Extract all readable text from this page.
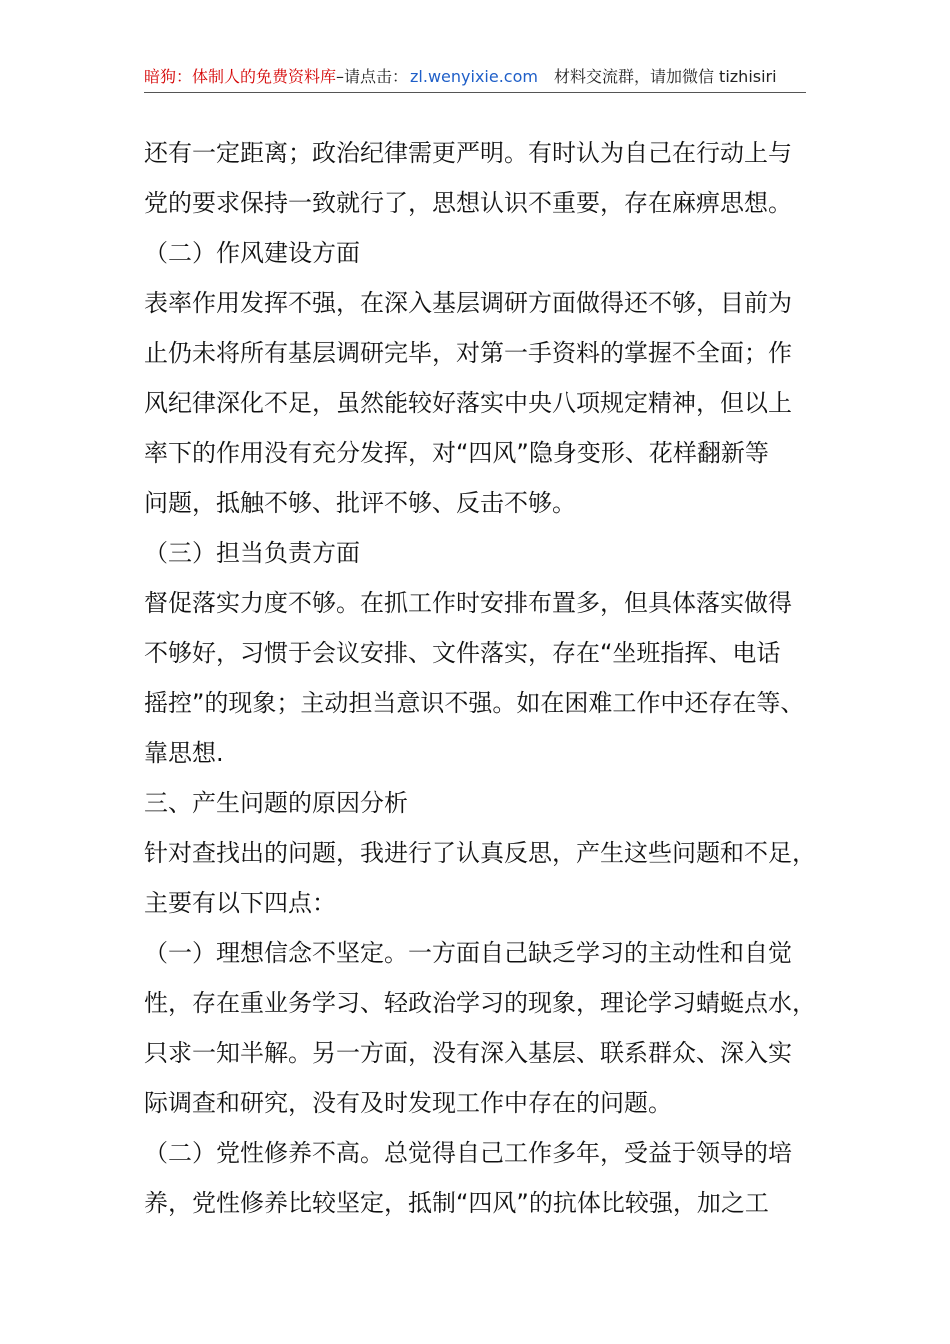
暗狗：体制人的免费资料库–请点击： zl.wenyixie.com 材料交流群，请加微信 tizhisiri
还有一定距离；政治纪律需更严明。有时认为自己在行动上与
党的要求保持一致就行了，思想认识不重要，存在麻痹思想。
（二）作风建设方面
表率作用发挥不强，在深入基层调研方面做得还不够，目前为
止仍未将所有基层调研完毕，对第一手资料的掌握不全面；作
风纪律深化不足，虽然能较好落实中央八项规定精神，但以上
率下的作用没有充分发挥，对“四风”隐身变形、花样翻新等
问题，抵触不够、批评不够、反击不够。
（三）担当负责方面
督促落实力度不够。在抓工作时安排布置多，但具体落实做得
不够好，习惯于会议安排、文件落实，存在“坐班指挥、电话
摇控”的现象；主动担当意识不强。如在困难工作中还存在等、
靠思想.
三、产生问题的原因分析
针对查找出的问题，我进行了认真反思，产生这些问题和不足，
主要有以下四点：
（一）理想信念不坚定。一方面自己缺乏学习的主动性和自觉
性，存在重业务学习、轻政治学习的现象，理论学习蜻蜓点水，
只求一知半解。另一方面，没有深入基层、联系群众、深入实
际调查和研究，没有及时发现工作中存在的问题。
（二）党性修养不高。总觉得自己工作多年，受益于领导的培
养，党性修养比较坚定，抵制“四风”的抗体比较强，加之工
